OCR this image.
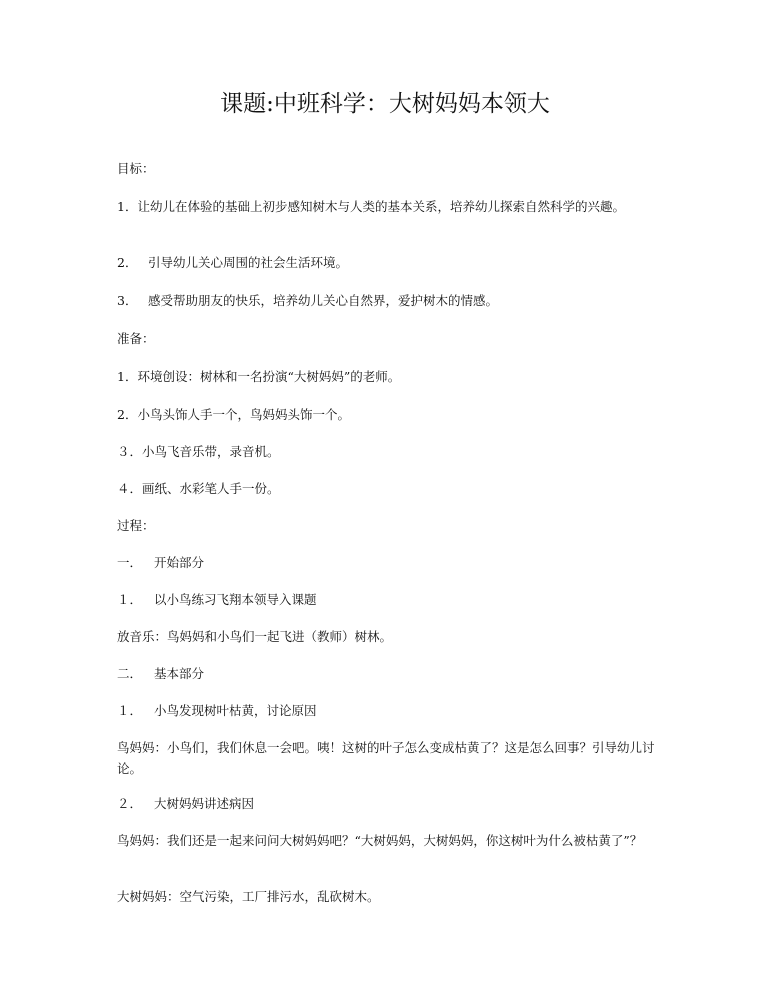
课题:中班科学：大树妈妈本领大
目标：
1．让幼儿在体验的基础上初步感知树木与人类的基本关系，培养幼儿探索自然科学的兴趣。
2． 引导幼儿关心周围的社会生活环境。
3． 感受帮助朋友的快乐，培养幼儿关心自然界，爱护树木的情感。
准备：
1．环境创设：树林和一名扮演“大树妈妈”的老师。
2．小鸟头饰人手一个，鸟妈妈头饰一个。
３．小鸟飞音乐带，录音机。
４．画纸、水彩笔人手一份。
过程：
一． 开始部分
１． 以小鸟练习飞翔本领导入课题
放音乐：鸟妈妈和小鸟们一起飞进（教师）树林。
二． 基本部分
１． 小鸟发现树叶枯黄，讨论原因
鸟妈妈：小鸟们，我们休息一会吧。咦！这树的叶子怎么变成枯黄了？这是怎么回事？引导幼儿讨论。
２． 大树妈妈讲述病因
鸟妈妈：我们还是一起来问问大树妈妈吧？“大树妈妈，大树妈妈，你这树叶为什么被枯黄了”？
大树妈妈：空气污染，工厂排污水，乱砍树木。
